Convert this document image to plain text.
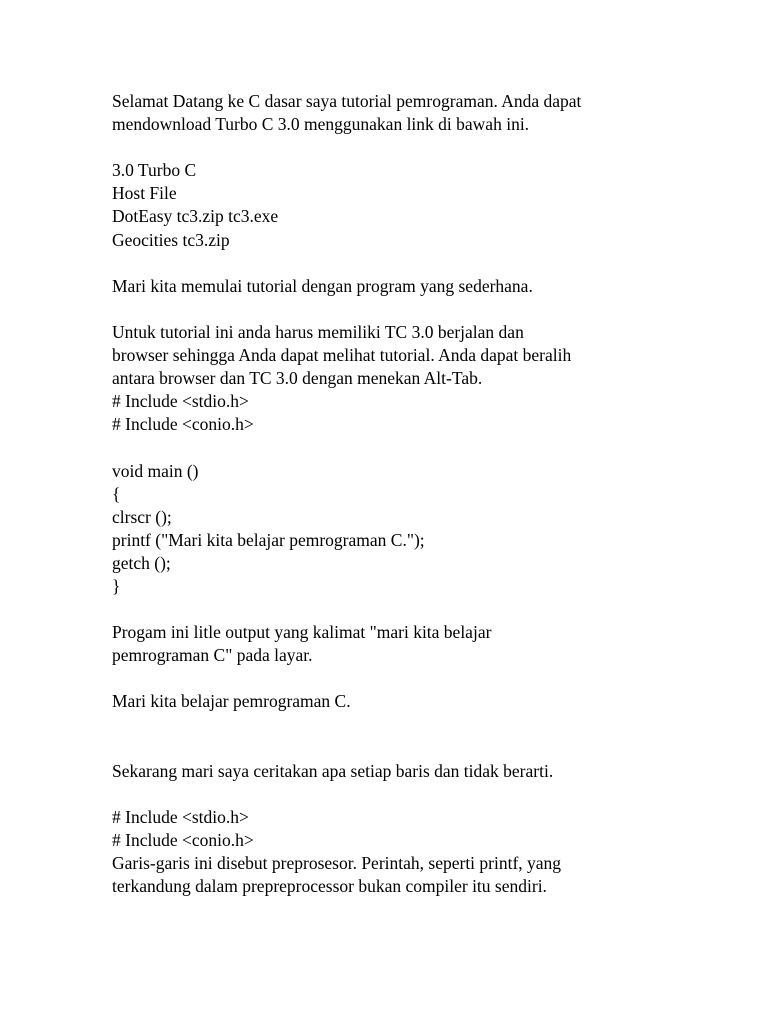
Selamat Datang ke C dasar saya tutorial pemrograman. Anda dapat
mendownload Turbo C 3.0 menggunakan link di bawah ini.
3.0 Turbo C
Host File
DotEasy tc3.zip tc3.exe
Geocities tc3.zip
Mari kita memulai tutorial dengan program yang sederhana.
Untuk tutorial ini anda harus memiliki TC 3.0 berjalan dan
browser sehingga Anda dapat melihat tutorial. Anda dapat beralih
antara browser dan TC 3.0 dengan menekan Alt-Tab.
# Include <stdio.h>
# Include <conio.h>
void main ()
{
clrscr ();
printf ("Mari kita belajar pemrograman C.");
getch ();
}
Progam ini litle output yang kalimat "mari kita belajar
pemrograman C" pada layar.
Mari kita belajar pemrograman C.
Sekarang mari saya ceritakan apa setiap baris dan tidak berarti.
# Include <stdio.h>
# Include <conio.h>
Garis-garis ini disebut preprosesor. Perintah, seperti printf, yang
terkandung dalam prepreprocessor bukan compiler itu sendiri.
